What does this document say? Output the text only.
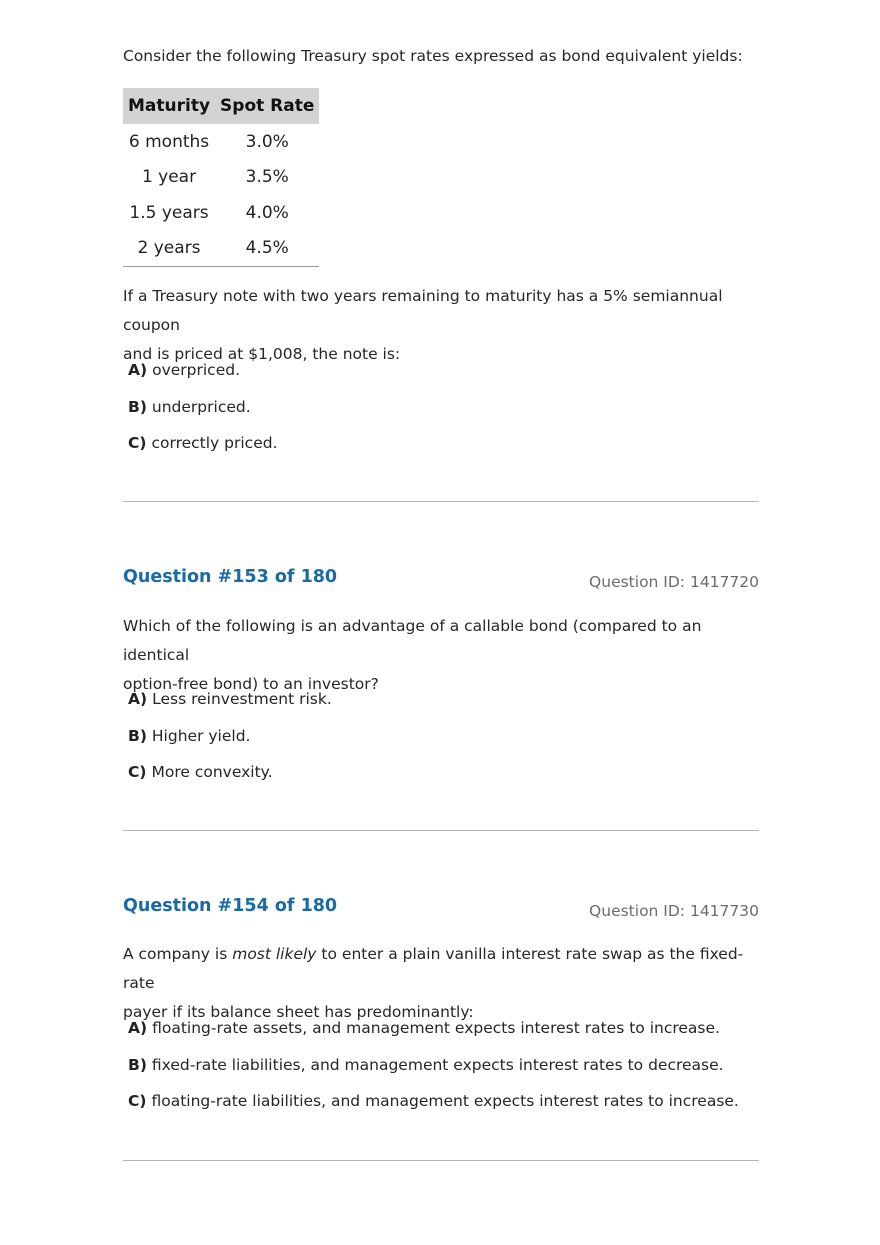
Consider the following Treasury spot rates expressed as bond equivalent yields:

Maturity	Spot Rate
6 months	3.0%
1 year	3.5%
1.5 years	4.0%
2 years	4.5%

If a Treasury note with two years remaining to maturity has a 5% semiannual coupon

and is priced at $1,008, the note is:

A) overpriced.
B) underpriced.
C) correctly priced.
Question #153 of 180	Question ID: 1417720

Which of the following is an advantage of a callable bond (compared to an identical

option-free bond) to an investor?

A) Less reinvestment risk.
B) Higher yield.
C) More convexity.
Question #154 of 180	Question ID: 1417730

A company is most likely to enter a plain vanilla interest rate swap as the fixed-rate

payer if its balance sheet has predominantly:

A) floating-rate assets, and management expects interest rates to increase.
B) fixed-rate liabilities, and management expects interest rates to decrease.
C) floating-rate liabilities, and management expects interest rates to increase.
